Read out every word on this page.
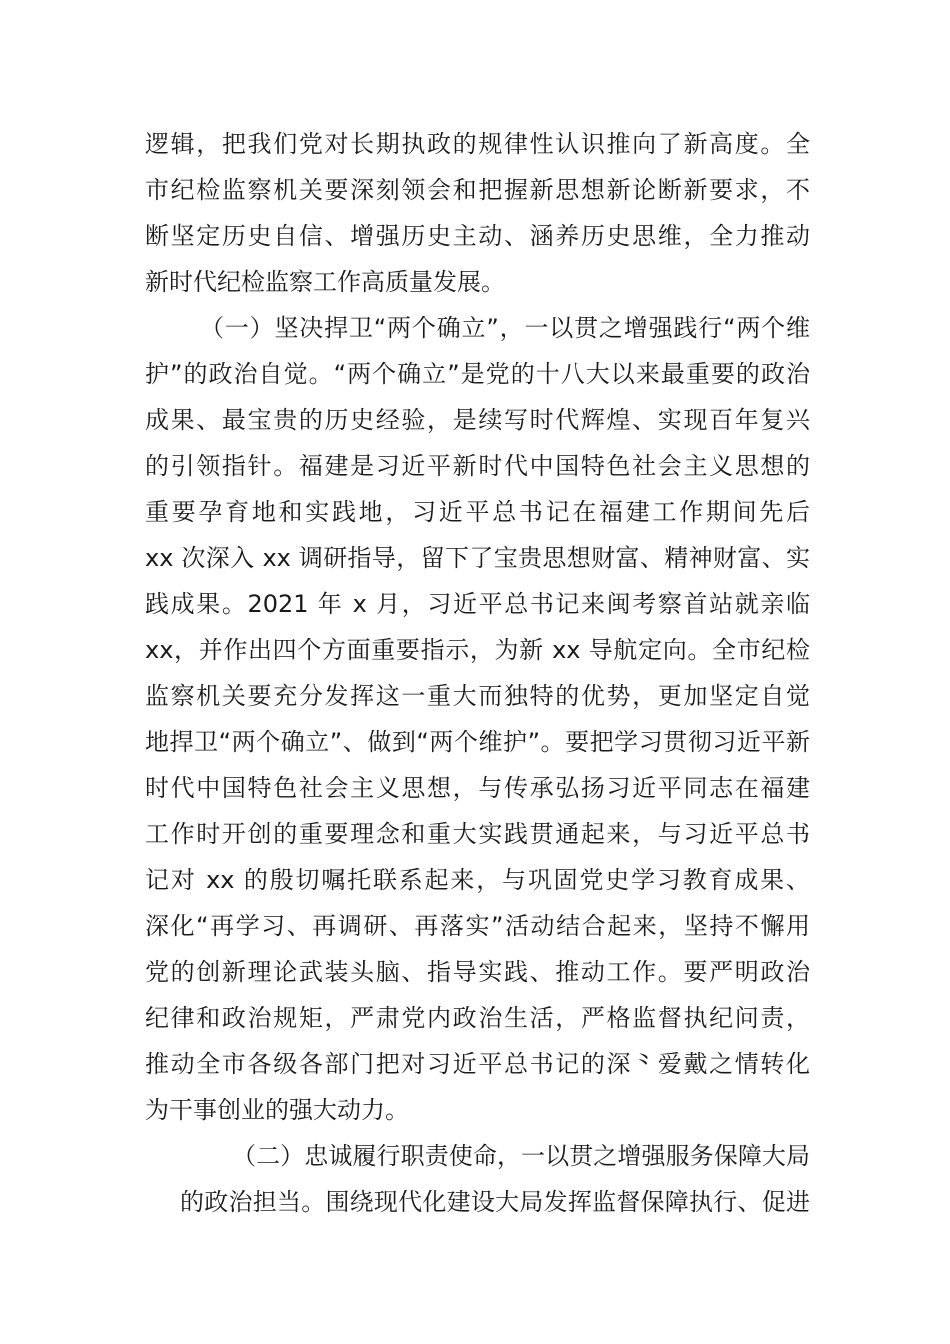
逻辑，把我们党对长期执政的规律性认识推向了新高度。全
市纪检监察机关要深刻领会和把握新思想新论断新要求，不
断坚定历史自信、增强历史主动、涵养历史思维，全力推动
新时代纪检监察工作高质量发展。
（一）坚决捍卫“两个确立”，一以贯之增强践行“两个维
护”的政治自觉。“两个确立”是党的十八大以来最重要的政治
成果、最宝贵的历史经验，是续写时代辉煌、实现百年复兴
的引领指针。福建是习近平新时代中国特色社会主义思想的
重要孕育地和实践地，习近平总书记在福建工作期间先后
xx 次深入 xx 调研指导，留下了宝贵思想财富、精神财富、实
践成果。2021 年 x 月，习近平总书记来闽考察首站就亲临
xx，并作出四个方面重要指示，为新 xx 导航定向。全市纪检
监察机关要充分发挥这一重大而独特的优势，更加坚定自觉
地捍卫“两个确立”、做到“两个维护”。要把学习贯彻习近平新
时代中国特色社会主义思想，与传承弘扬习近平同志在福建
工作时开创的重要理念和重大实践贯通起来，与习近平总书
记对 xx 的殷切嘱托联系起来，与巩固党史学习教育成果、
深化“再学习、再调研、再落实”活动结合起来，坚持不懈用
党的创新理论武装头脑、指导实践、推动工作。要严明政治
纪律和政治规矩，严肃党内政治生活，严格监督执纪问责，
推动全市各级各部门把对习近平总书记的深⺀爱戴之情转化
为干事创业的强大动力。
（二）忠诚履行职责使命，一以贯之增强服务保障大局
的政治担当。围绕现代化建设大局发挥监督保障执行、促进
